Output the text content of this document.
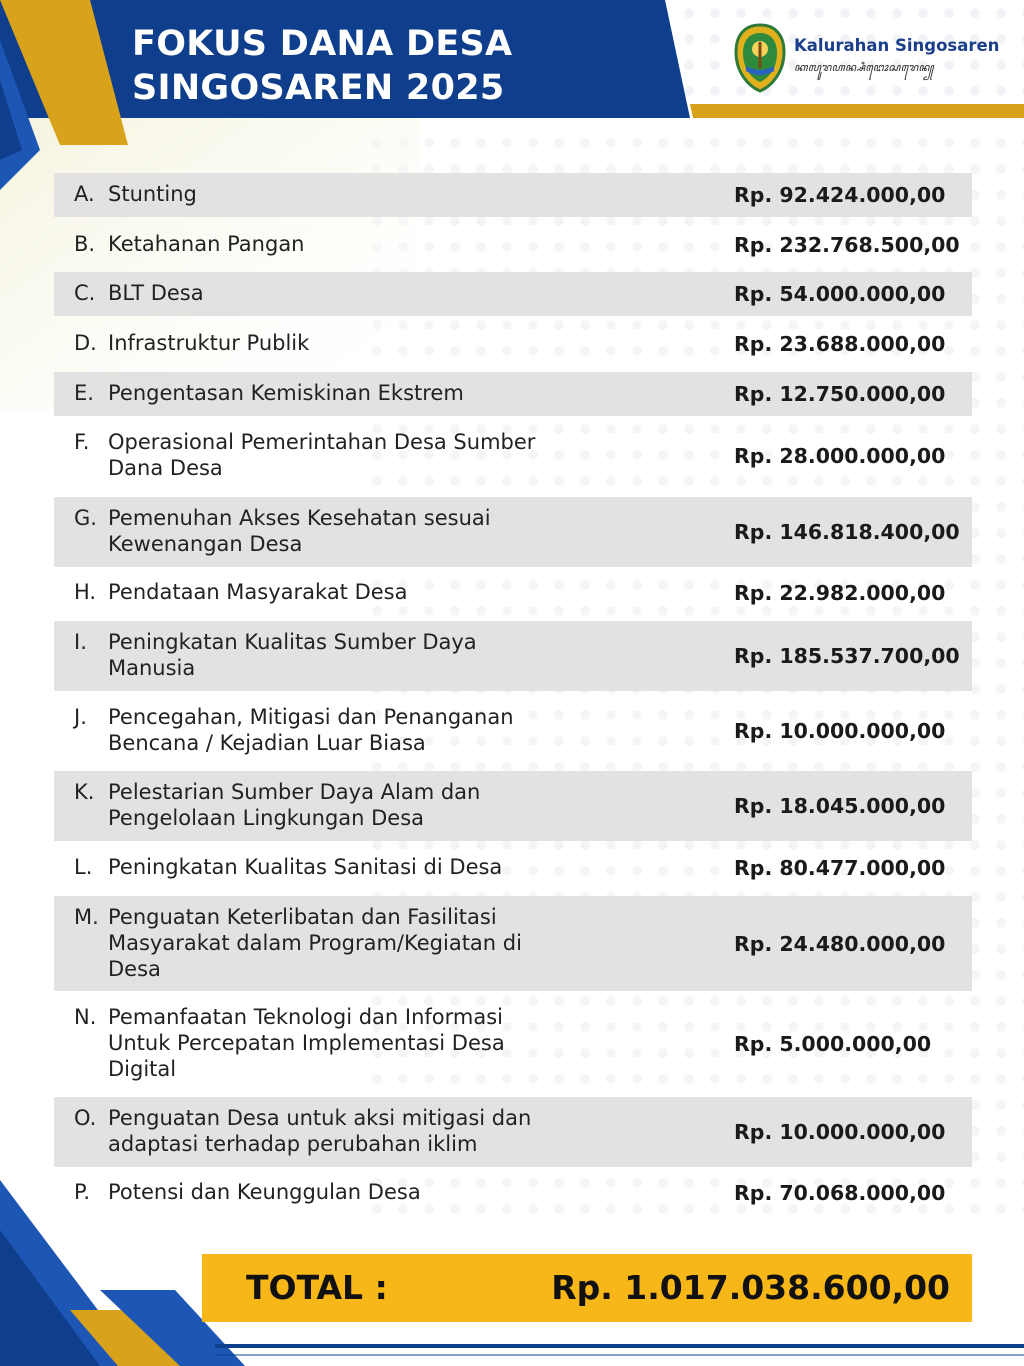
FOKUS DANA DESA
SINGOSAREN 2025
Kalurahan Singosaren
ꦏꦭꦸꦫꦲꦤ꧀ꦱꦶꦔꦺꦴꦱꦫꦺꦤ꧀
A. Stunting	Rp. 92.424.000,00
B. Ketahanan Pangan	Rp. 232.768.500,00
C. BLT Desa	Rp. 54.000.000,00
D. Infrastruktur Publik	Rp. 23.688.000,00
E. Pengentasan Kemiskinan Ekstrem	Rp. 12.750.000,00
F. Operasional Pemerintahan Desa Sumber
Dana Desa	Rp. 28.000.000,00
G. Pemenuhan Akses Kesehatan sesuai
Kewenangan Desa	Rp. 146.818.400,00
H. Pendataan Masyarakat Desa	Rp. 22.982.000,00
I.	Peningkatan Kualitas Sumber Daya
Manusia	Rp. 185.537.700,00
J.	Pencegahan, Mitigasi dan Penanganan
Bencana / Kejadian Luar Biasa	Rp. 10.000.000,00
K. Pelestarian Sumber Daya Alam dan
Pengelolaan Lingkungan Desa	Rp. 18.045.000,00
L. Peningkatan Kualitas Sanitasi di Desa	Rp. 80.477.000,00
M. Penguatan Keterlibatan dan Fasilitasi
Masyarakat dalam Program/Kegiatan di
Desa
Rp. 24.480.000,00
N. Pemanfaatan Teknologi dan Informasi
Untuk Percepatan Implementasi Desa
Digital
Rp. 5.000.000,00
O. Penguatan Desa untuk aksi mitigasi dan
adaptasi terhadap perubahan iklim	Rp. 10.000.000,00
P. Potensi dan Keunggulan Desa	Rp. 70.068.000,00
TOTAL :	Rp. 1.017.038.600,00
